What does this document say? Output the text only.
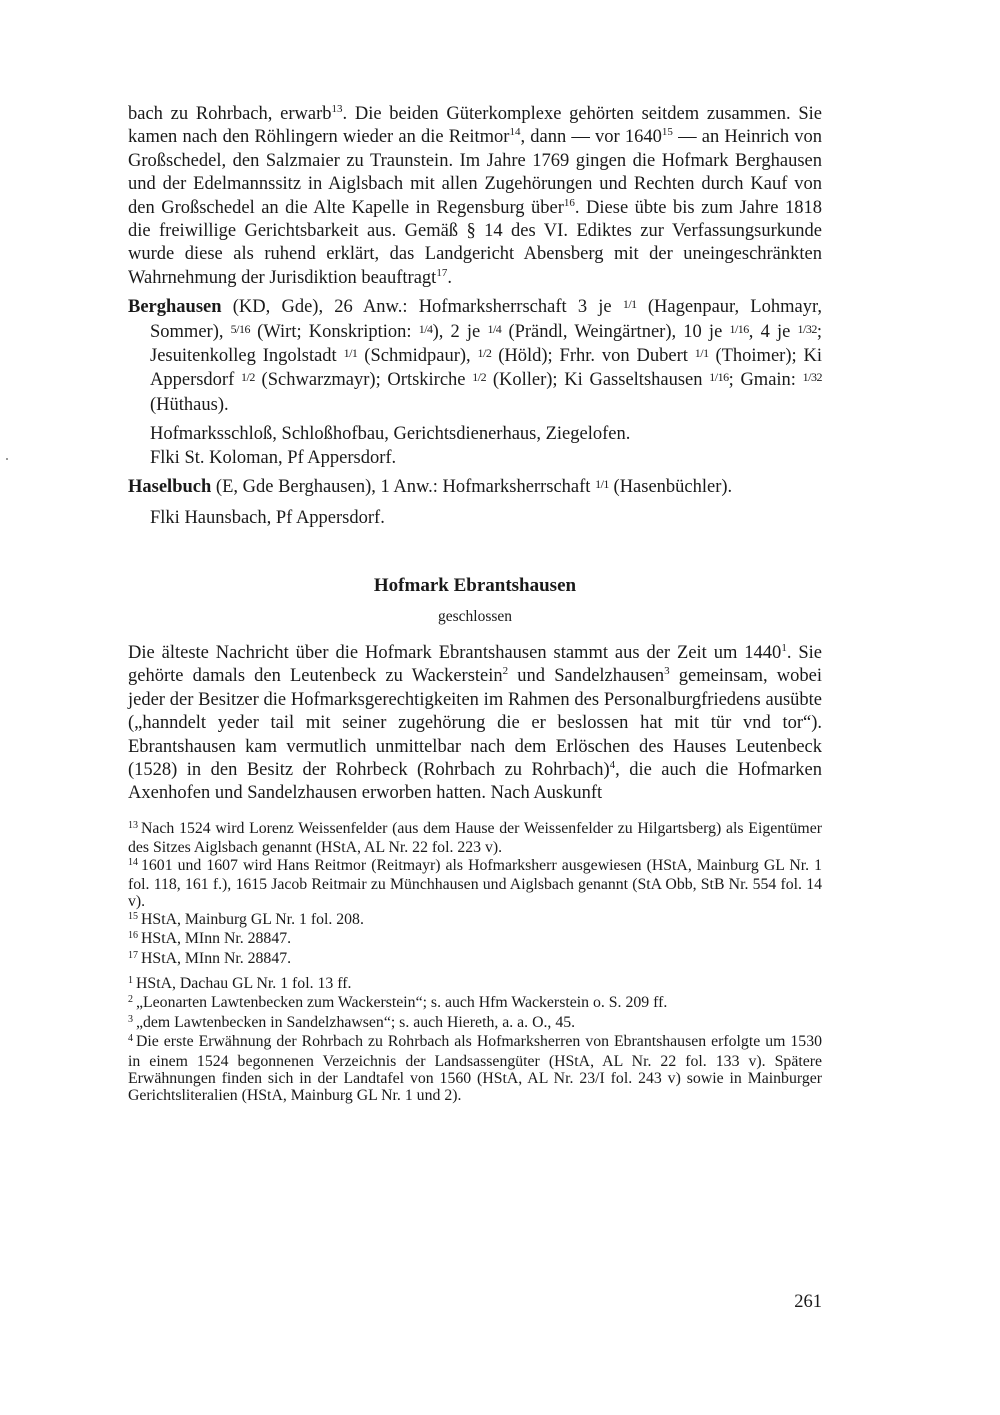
bach zu Rohrbach, erwarb$^{13}$. Die beiden Güterkomplexe gehörten seitdem zusammen. Sie kamen nach den Röhlingern wieder an die Reitmor$^{14}$, dann — vor 1640$^{15}$ — an Heinrich von Großschedel, den Salzmaier zu Traunstein. Im Jahre 1769 gingen die Hofmark Berghausen und der Edelmannssitz in Aiglsbach mit allen Zugehörungen und Rechten durch Kauf von den Großschedel an die Alte Kapelle in Regensburg über$^{16}$. Diese übte bis zum Jahre 1818 die freiwillige Gerichtsbarkeit aus. Gemäß § 14 des VI. Ediktes zur Verfassungsurkunde wurde diese als ruhend erklärt, das Landgericht Abensberg mit der uneingeschränkten Wahrnehmung der Jurisdiktion beauftragt$^{17}$.

Berghausen (KD, Gde), 26 Anw.: Hofmarksherrschaft 3 je $^{1/1}$ (Hagenpaur, Lohmayr, Sommer), $^{5/16}$ (Wirt; Konskription: $^{1/4}$), 2 je $^{1/4}$ (Prändl, Weingärtner), 10 je $^{1/16}$, 4 je $^{1/32}$; Jesuitenkolleg Ingolstadt $^{1/1}$ (Schmidpaur), $^{1/2}$ (Höld); Frhr. von Dubert $^{1/1}$ (Thoimer); Ki Appersdorf $^{1/2}$ (Schwarzmayr); Ortskirche $^{1/2}$ (Koller); Ki Gasseltshausen $^{1/16}$; Gmain: $^{1/32}$ (Hüthaus).

Hofmarksschloß, Schloßhofbau, Gerichtsdienerhaus, Ziegelofen.

Flki St. Koloman, Pf Appersdorf.

Haselbuch (E, Gde Berghausen), 1 Anw.: Hofmarksherrschaft $^{1/1}$ (Hasenbüchler).

Flki Haunsbach, Pf Appersdorf.

Hofmark Ebrantshausen
geschlossen

Die älteste Nachricht über die Hofmark Ebrantshausen stammt aus der Zeit um 1440$^1$. Sie gehörte damals den Leutenbeck zu Wackerstein$^2$ und Sandelzhausen$^3$ gemeinsam, wobei jeder der Besitzer die Hofmarksgerechtigkeiten im Rahmen des Personalburgfriedens ausübte („hanndelt yeder tail mit seiner zugehörung die er beslossen hat mit tür vnd tor“). Ebrantshausen kam vermutlich unmittelbar nach dem Erlöschen des Hauses Leutenbeck (1528) in den Besitz der Rohrbeck (Rohrbach zu Rohrbach)$^4$, die auch die Hofmarken Axenhofen und Sandelzhausen erworben hatten. Nach Auskunft

$^{13}$ Nach 1524 wird Lorenz Weissenfelder (aus dem Hause der Weissenfelder zu Hilgartsberg) als Eigentümer des Sitzes Aiglsbach genannt (HStA, AL Nr. 22 fol. 223 v).

$^{14}$ 1601 und 1607 wird Hans Reitmor (Reitmayr) als Hofmarksherr ausgewiesen (HStA, Mainburg GL Nr. 1 fol. 118, 161 f.), 1615 Jacob Reitmair zu Münchhausen und Aiglsbach genannt (StA Obb, StB Nr. 554 fol. 14 v).

$^{15}$ HStA, Mainburg GL Nr. 1 fol. 208.

$^{16}$ HStA, MInn Nr. 28847.

$^{17}$ HStA, MInn Nr. 28847.

$^1$ HStA, Dachau GL Nr. 1 fol. 13 ff.

$^2$ „Leonarten Lawtenbecken zum Wackerstein“; s. auch Hfm Wackerstein o. S. 209 ff.

$^3$ „dem Lawtenbecken in Sandelzhawsen“; s. auch Hiereth, a. a. O., 45.

$^4$ Die erste Erwähnung der Rohrbach zu Rohrbach als Hofmarksherren von Ebrantshausen erfolgte um 1530 in einem 1524 begonnenen Verzeichnis der Landsassengüter (HStA, AL Nr. 22 fol. 133 v). Spätere Erwähnungen finden sich in der Landtafel von 1560 (HStA, AL Nr. 23/I fol. 243 v) sowie in Mainburger Gerichtsliteralien (HStA, Mainburg GL Nr. 1 und 2).

261
